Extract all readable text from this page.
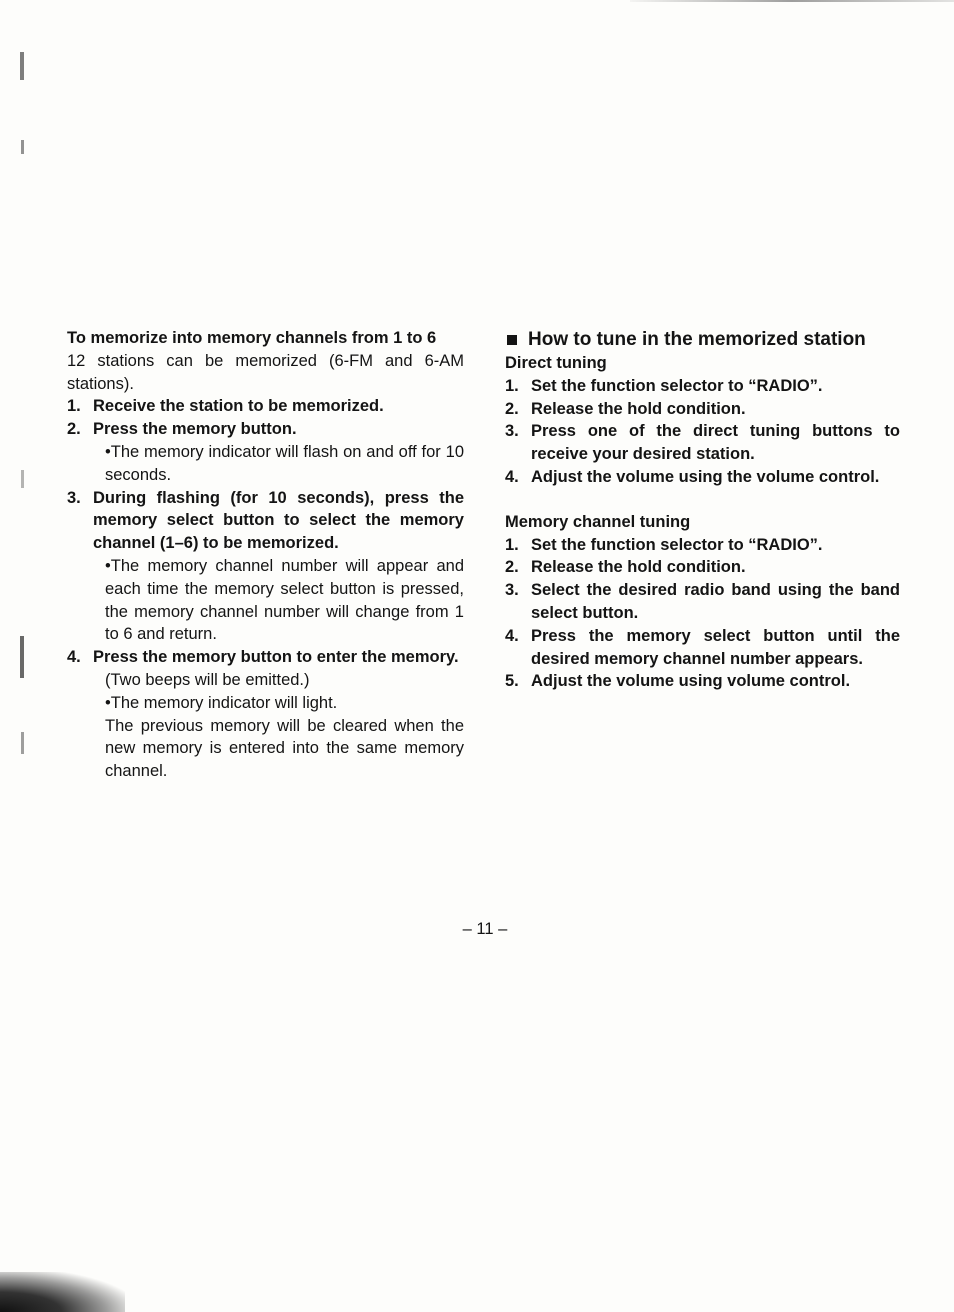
To memorize into memory channels from 1 to 6
12 stations can be memorized (6-FM and 6-AM stations).
1. Receive the station to be memorized.
2. Press the memory button.
•The memory indicator will flash on and off for 10 seconds.
3. During flashing (for 10 seconds), press the memory select button to select the memory channel (1–6) to be memorized.
•The memory channel number will appear and each time the memory select button is pressed, the memory channel number will change from 1 to 6 and return.
4. Press the memory button to enter the memory.
(Two beeps will be emitted.)
•The memory indicator will light.
The previous memory will be cleared when the new memory is entered into the same memory channel.
How to tune in the memorized station
Direct tuning
1. Set the function selector to “RADIO”.
2. Release the hold condition.
3. Press one of the direct tuning buttons to receive your desired station.
4. Adjust the volume using the volume control.
Memory channel tuning
1. Set the function selector to “RADIO”.
2. Release the hold condition.
3. Select the desired radio band using the band select button.
4. Press the memory select button until the desired memory channel number appears.
5. Adjust the volume using volume control.
– 11 –
